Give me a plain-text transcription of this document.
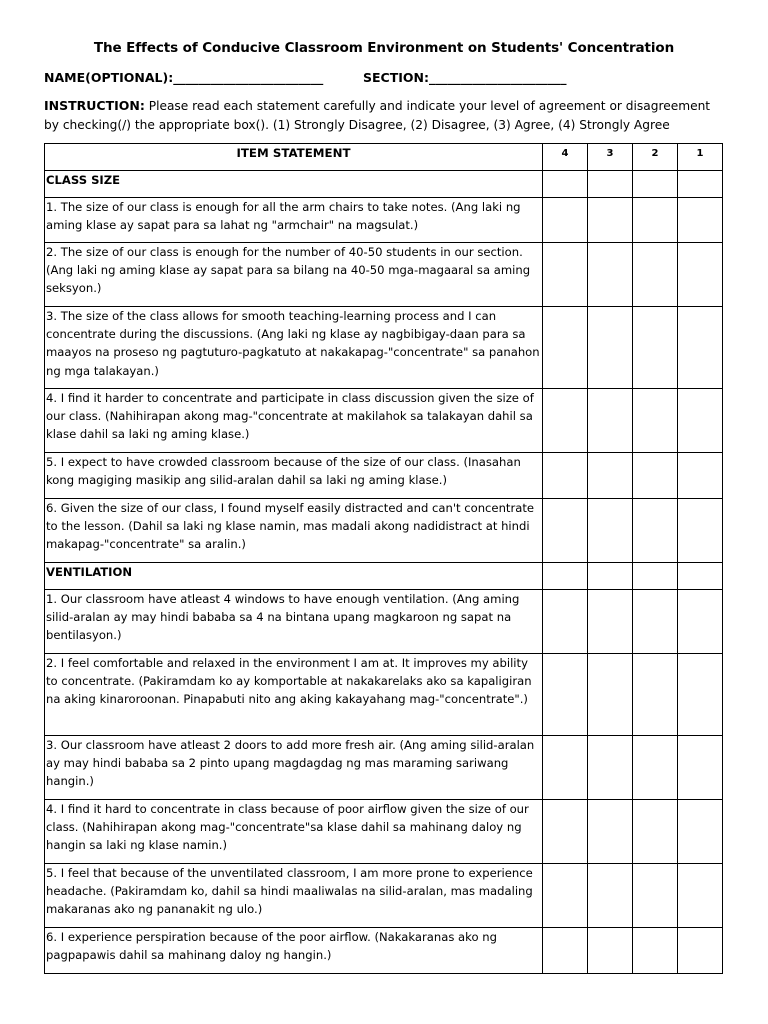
The Effects of Conducive Classroom Environment on Students' Concentration
NAME(OPTIONAL):________________________	SECTION:______________________
INSTRUCTION: Please read each statement carefully and indicate your level of agreement or disagreement by checking(/) the appropriate box(). (1) Strongly Disagree, (2) Disagree, (3) Agree, (4) Strongly Agree
ITEM STATEMENT	4	3	2	1
CLASS SIZE				
1. The size of our class is enough for all the arm chairs to take notes. (Ang laki ng aming klase ay sapat para sa lahat ng "armchair" na magsulat.)				
2. The size of our class is enough for the number of 40-50 students in our section. (Ang laki ng aming klase ay sapat para sa bilang na 40-50 mga-magaaral sa aming seksyon.)				
3. The size of the class allows for smooth teaching-learning process and I can concentrate during the discussions. (Ang laki ng klase ay nagbibigay-daan para sa maayos na proseso ng pagtuturo-pagkatuto at nakakapag-"concentrate" sa panahon ng mga talakayan.)				
4. I find it harder to concentrate and participate in class discussion given the size of our class. (Nahihirapan akong mag-"concentrate at makilahok sa talakayan dahil sa klase dahil sa laki ng aming klase.)				
5. I expect to have crowded classroom because of the size of our class. (Inasahan kong magiging masikip ang silid-aralan dahil sa laki ng aming klase.)				
6. Given the size of our class, I found myself easily distracted and can't concentrate to the lesson. (Dahil sa laki ng klase namin, mas madali akong nadidistract at hindi makapag-"concentrate" sa aralin.)				
VENTILATION				
1. Our classroom have atleast 4 windows to have enough ventilation. (Ang aming silid-aralan ay may hindi bababa sa 4 na bintana upang magkaroon ng sapat na bentilasyon.)				
2. I feel comfortable and relaxed in the environment I am at. It improves my ability to concentrate. (Pakiramdam ko ay komportable at nakakarelaks ako sa kapaligiran na aking kinaroroonan. Pinapabuti nito ang aking kakayahang mag-"concentrate".)				
3. Our classroom have atleast 2 doors to add more fresh air. (Ang aming silid-aralan ay may hindi bababa sa 2 pinto upang magdagdag ng mas maraming sariwang hangin.)				
4. I find it hard to concentrate in class because of poor airflow given the size of our class. (Nahihirapan akong mag-"concentrate"sa klase dahil sa mahinang daloy ng hangin sa laki ng klase namin.)				
5. I feel that because of the unventilated classroom, I am more prone to experience headache. (Pakiramdam ko, dahil sa hindi maaliwalas na silid-aralan, mas madaling makaranas ako ng pananakit ng ulo.)				
6. I experience perspiration because of the poor airflow. (Nakakaranas ako ng pagpapawis dahil sa mahinang daloy ng hangin.)				
